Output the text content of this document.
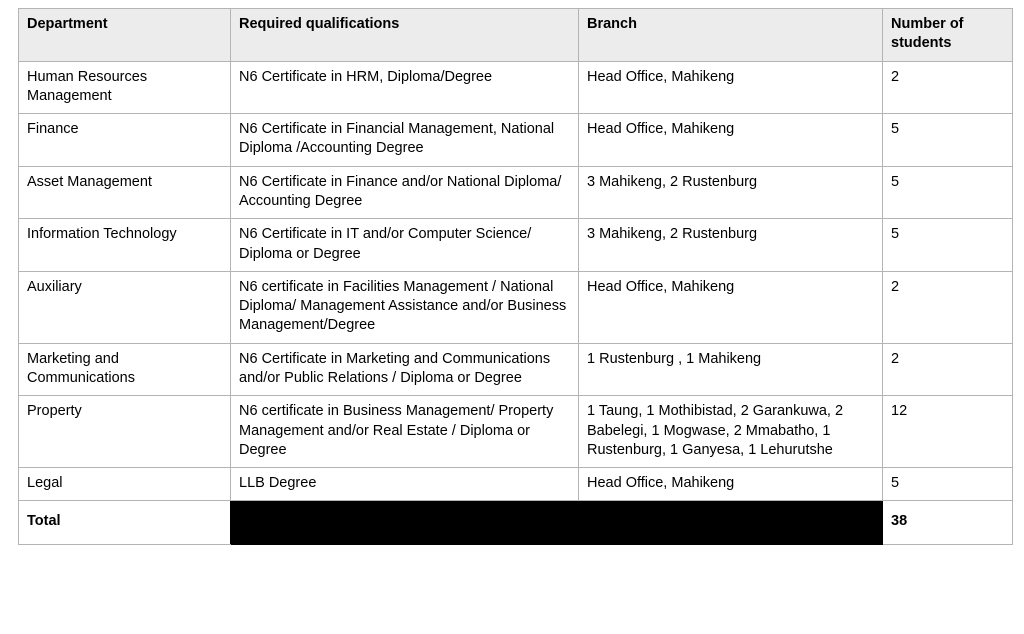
Department	Required qualifications	Branch	Number of students
Human Resources Management	N6 Certificate in HRM, Diploma/Degree	Head Office, Mahikeng	2
Finance	N6 Certificate in Financial Management, National Diploma /Accounting Degree	Head Office, Mahikeng	5
Asset Management	N6 Certificate in Finance and/or National Diploma/ Accounting Degree	3 Mahikeng, 2 Rustenburg	5
Information Technology	N6 Certificate in IT and/or Computer Science/ Diploma or Degree	3 Mahikeng, 2 Rustenburg	5
Auxiliary	N6 certificate in Facilities Management / National Diploma/ Management Assistance and/or Business Management/Degree	Head Office, Mahikeng	2
Marketing and Communications	N6 Certificate in Marketing and Communications and/or Public Relations / Diploma or Degree	1 Rustenburg , 1 Mahikeng	2
Property	N6 certificate in Business Management/ Property Management and/or Real Estate / Diploma or Degree	1 Taung, 1 Mothibistad, 2 Garankuwa, 2 Babelegi, 1 Mogwase, 2 Mmabatho, 1 Rustenburg, 1 Ganyesa, 1 Lehurutshe	12
Legal	LLB Degree	Head Office, Mahikeng	5
Total			38
